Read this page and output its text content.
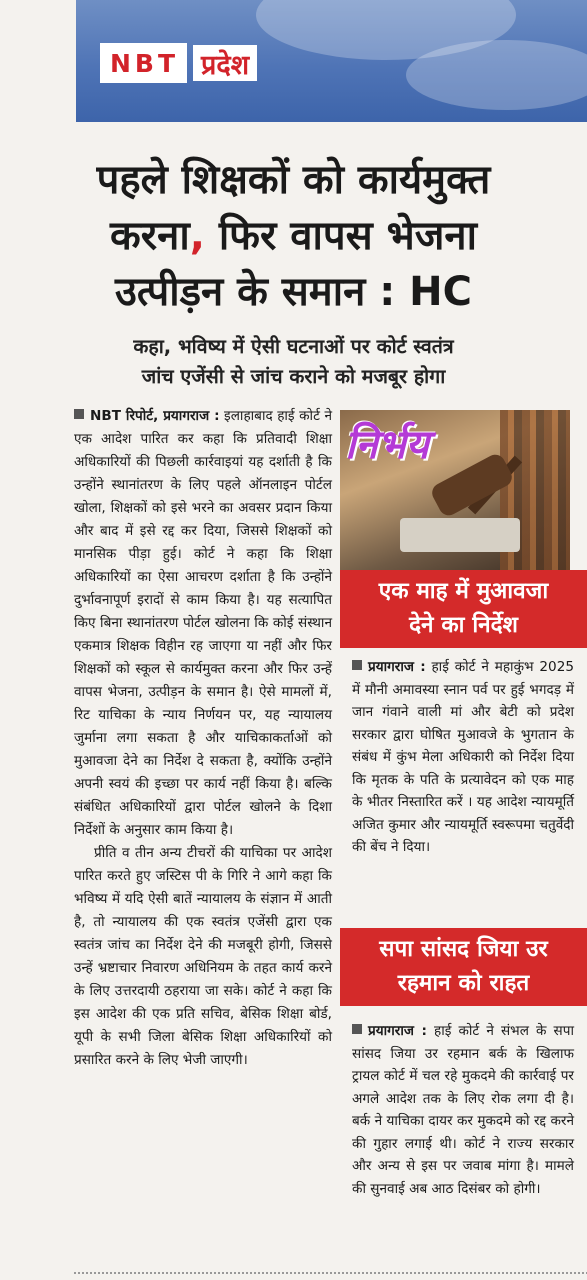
NBT प्रदेश
पहले शिक्षकों को कार्यमुक्त
करना, फिर वापस भेजना
उत्पीड़न के समान : HC
कहा, भविष्य में ऐसी घटनाओं पर कोर्ट स्वतंत्र
जांच एजेंसी से जांच कराने को मजबूर होगा

NBT रिपोर्ट, प्रयागराज : इलाहाबाद हाई कोर्ट ने एक आदेश पारित कर कहा कि प्रतिवादी शिक्षा अधिकारियों की पिछली कार्रवाइयां यह दर्शाती है कि उन्होंने स्थानांतरण के लिए पहले ऑनलाइन पोर्टल खोला, शिक्षकों को इसे भरने का अवसर प्रदान किया और बाद में इसे रद्द कर दिया, जिससे शिक्षकों को मानसिक पीड़ा हुई। कोर्ट ने कहा कि शिक्षा अधिकारियों का ऐसा आचरण दर्शाता है कि उन्होंने दुर्भावनापूर्ण इरादों से काम किया है। यह सत्यापित किए बिना स्थानांतरण पोर्टल खोलना कि कोई संस्थान एकमात्र शिक्षक विहीन रह जाएगा या नहीं और फिर शिक्षकों को स्कूल से कार्यमुक्त करना और फिर उन्हें वापस भेजना, उत्पीड़न के समान है। ऐसे मामलों में, रिट याचिका के न्याय निर्णयन पर, यह न्यायालय जुर्माना लगा सकता है और याचिकाकर्ताओं को मुआवजा देने का निर्देश दे सकता है, क्योंकि उन्होंने अपनी स्वयं की इच्छा पर कार्य नहीं किया है। बल्कि संबंधित अधिकारियों द्वारा पोर्टल खोलने के दिशा निर्देशों के अनुसार काम किया है।

प्रीति व तीन अन्य टीचरों की याचिका पर आदेश पारित करते हुए जस्टिस पी के गिरि ने आगे कहा कि भविष्य में यदि ऐसी बातें न्यायालय के संज्ञान में आती है, तो न्यायालय की एक स्वतंत्र एजेंसी द्वारा एक स्वतंत्र जांच का निर्देश देने की मजबूरी होगी, जिससे उन्हें भ्रष्टाचार निवारण अधिनियम के तहत कार्य करने के लिए उत्तरदायी ठहराया जा सके। कोर्ट ने कहा कि इस आदेश की एक प्रति सचिव, बेसिक शिक्षा बोर्ड, यूपी के सभी जिला बेसिक शिक्षा अधिकारियों को प्रसारित करने के लिए भेजी जाएगी।

निर्भय
एक माह में मुआवजा
देने का निर्देश

प्रयागराज : हाई कोर्ट ने महाकुंभ 2025 में मौनी अमावस्या स्नान पर्व पर हुई भगदड़ में जान गंवाने वाली मां और बेटी को प्रदेश सरकार द्वारा घोषित मुआवजे के भुगतान के संबंध में कुंभ मेला अधिकारी को निर्देश दिया कि मृतक के पति के प्रत्यावेदन को एक माह के भीतर निस्तारित करें । यह आदेश न्यायमूर्ति अजित कुमार और न्यायमूर्ति स्वरूपमा चतुर्वेदी की बेंच ने दिया।

सपा सांसद जिया उर
रहमान को राहत

प्रयागराज : हाई कोर्ट ने संभल के सपा सांसद जिया उर रहमान बर्क के खिलाफ ट्रायल कोर्ट में चल रहे मुकदमे की कार्रवाई पर अगले आदेश तक के लिए रोक लगा दी है। बर्क ने याचिका दायर कर मुकदमे को रद्द करने की गुहार लगाई थी। कोर्ट ने राज्य सरकार और अन्य से इस पर जवाब मांगा है। मामले की सुनवाई अब आठ दिसंबर को होगी।
